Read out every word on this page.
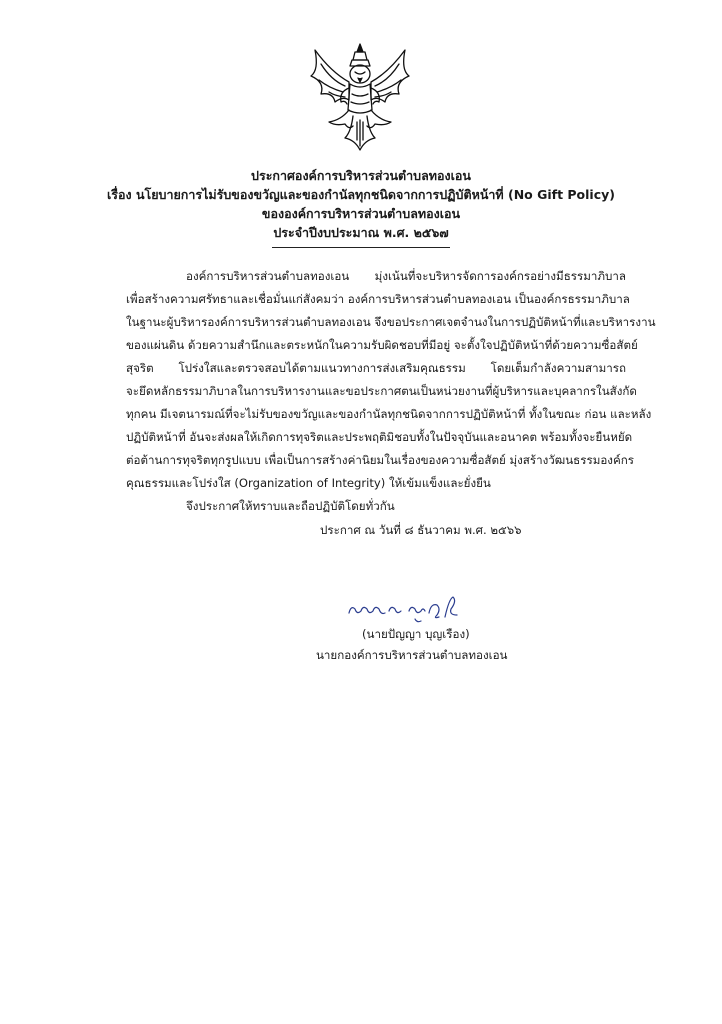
ประกาศองค์การบริหารส่วนตำบลทองเอน
เรื่อง นโยบายการไม่รับของขวัญและของกำนัลทุกชนิดจากการปฏิบัติหน้าที่ (No Gift Policy)
ขององค์การบริหารส่วนตำบลทองเอน
ประจำปีงบประมาณ พ.ศ. ๒๕๖๗
องค์การบริหารส่วนตำบลทองเอน มุ่งเน้นที่จะบริหารจัดการองค์กรอย่างมีธรรมาภิบาล
เพื่อสร้างความศรัทธาและเชื่อมั่นแก่สังคมว่า องค์การบริหารส่วนตำบลทองเอน เป็นองค์กรธรรมาภิบาล
ในฐานะผู้บริหารองค์การบริหารส่วนตำบลทองเอน จึงขอประกาศเจตจำนงในการปฏิบัติหน้าที่และบริหารงาน
ของแผ่นดิน ด้วยความสำนึกและตระหนักในความรับผิดชอบที่มีอยู่ จะตั้งใจปฏิบัติหน้าที่ด้วยความซื่อสัตย์
สุจริต โปร่งใสและตรวจสอบได้ตามแนวทางการส่งเสริมคุณธรรม โดยเต็มกำลังความสามารถ
จะยึดหลักธรรมาภิบาลในการบริหารงานและขอประกาศตนเป็นหน่วยงานที่ผู้บริหารและบุคลากรในสังกัด
ทุกคน มีเจตนารมณ์ที่จะไม่รับของขวัญและของกำนัลทุกชนิดจากการปฏิบัติหน้าที่ ทั้งในขณะ ก่อน และหลัง
ปฏิบัติหน้าที่ อันจะส่งผลให้เกิดการทุจริตและประพฤติมิชอบทั้งในปัจจุบันและอนาคต พร้อมทั้งจะยืนหยัด
ต่อต้านการทุจริตทุกรูปแบบ เพื่อเป็นการสร้างค่านิยมในเรื่องของความซื่อสัตย์ มุ่งสร้างวัฒนธรรมองค์กร
คุณธรรมและโปร่งใส (Organization of Integrity) ให้เข้มแข็งและยั่งยืน
จึงประกาศให้ทราบและถือปฏิบัติโดยทั่วกัน
ประกาศ ณ วันที่ ๘ ธันวาคม พ.ศ. ๒๕๖๖
(นายปัญญา บุญเรือง)
นายกองค์การบริหารส่วนตำบลทองเอน
